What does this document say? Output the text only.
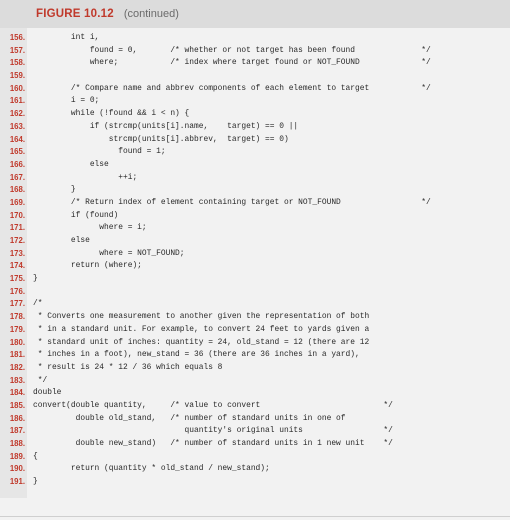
FIGURE 10.12 (continued)
156. int i,
157. found = 0,       /* whether or not target has been found              */
158. where;           /* index where target found or NOT_FOUND             */
159.
160. /* Compare name and abbrev components of each element to target           */
161. i = 0;
162. while (!found && i < n) {
163. if (strcmp(units[i].name,    target) == 0 ||
164. strcmp(units[i].abbrev,  target) == 0)
165. found = 1;
166. else
167. ++i;
168. }
169. /* Return index of element containing target or NOT_FOUND                 */
170. if (found)
171. where = i;
172. else
173. where = NOT_FOUND;
174. return (where);
175. }
176.
177. /*
178. * Converts one measurement to another given the representation of both
179. * in a standard unit. For example, to convert 24 feet to yards given a
180. * standard unit of inches: quantity = 24, old_stand = 12 (there are 12
181. * inches in a foot), new_stand = 36 (there are 36 inches in a yard),
182. * result is 24 * 12 / 36 which equals 8
183. */
184. double
185. convert(double quantity,     /* value to convert                          */
186. double old_stand,   /* number of standard units in one of
187. quantity's original units                 */
188. double new_stand)   /* number of standard units in 1 new unit    */
189. {
190. return (quantity * old_stand / new_stand);
191. }
